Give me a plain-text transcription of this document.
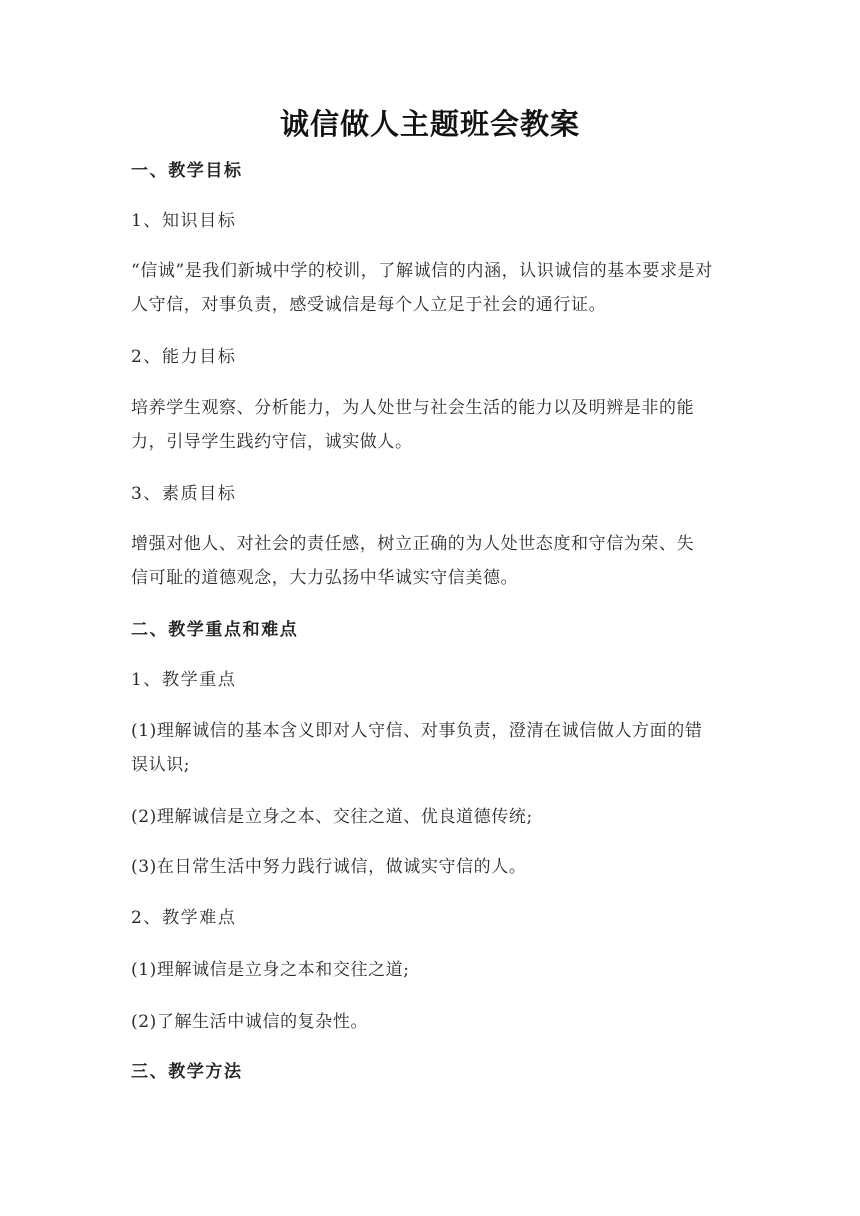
诚信做人主题班会教案

一、教学目标

1、知识目标

“信诚”是我们新城中学的校训，了解诚信的内涵，认识诚信的基本要求是对

人守信，对事负责，感受诚信是每个人立足于社会的通行证。

2、能力目标

培养学生观察、分析能力，为人处世与社会生活的能力以及明辨是非的能

力，引导学生践约守信，诚实做人。

3、素质目标

增强对他人、对社会的责任感，树立正确的为人处世态度和守信为荣、失

信可耻的道德观念，大力弘扬中华诚实守信美德。

二、教学重点和难点

1、教学重点

(1)理解诚信的基本含义即对人守信、对事负责，澄清在诚信做人方面的错

误认识;

(2)理解诚信是立身之本、交往之道、优良道德传统;

(3)在日常生活中努力践行诚信，做诚实守信的人。

2、教学难点

(1)理解诚信是立身之本和交往之道;

(2)了解生活中诚信的复杂性。

三、教学方法
